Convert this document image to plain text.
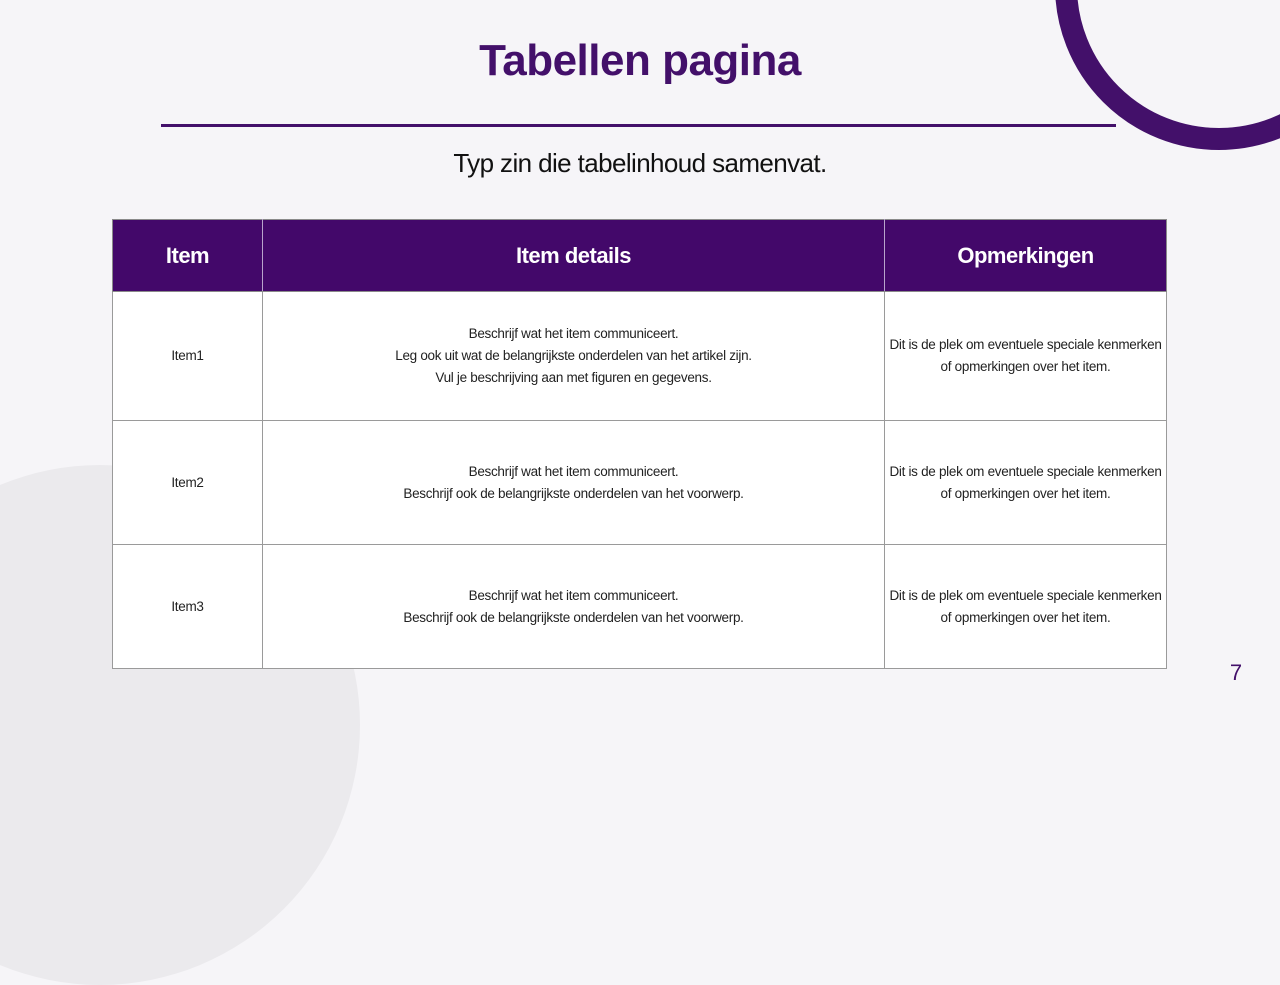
Tabellen pagina
Typ zin die tabelinhoud samenvat.
Item	Item details	Opmerkingen
Item1	Beschrijf wat het item communiceert.
Leg ook uit wat de belangrijkste onderdelen van het artikel zijn.
Vul je beschrijving aan met figuren en gegevens.	Dit is de plek om eventuele speciale kenmerken
of opmerkingen over het item.

Item2	Beschrijf wat het item communiceert.
Beschrijf ook de belangrijkste onderdelen van het voorwerp.	Dit is de plek om eventuele speciale kenmerken
of opmerkingen over het item.

Item3	Beschrijf wat het item communiceert.
Beschrijf ook de belangrijkste onderdelen van het voorwerp.	Dit is de plek om eventuele speciale kenmerken
of opmerkingen over het item.
7
